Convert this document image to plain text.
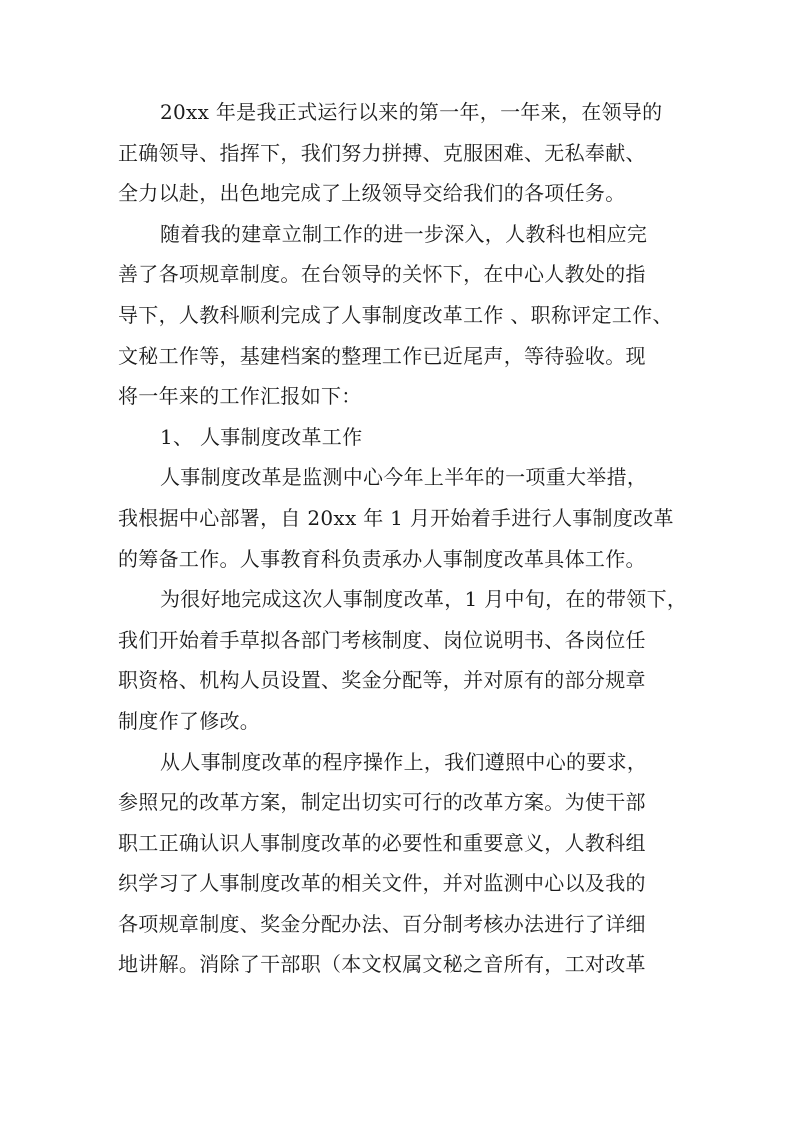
20xx 年是我正式运行以来的第一年，一年来，在领导的
正确领导、指挥下，我们努力拼搏、克服困难、无私奉献、
全力以赴，出色地完成了上级领导交给我们的各项任务。
随着我的建章立制工作的进一步深入，人教科也相应完
善了各项规章制度。在台领导的关怀下，在中心人教处的指
导下，人教科顺利完成了人事制度改革工作 、职称评定工作、
文秘工作等，基建档案的整理工作已近尾声，等待验收。现
将一年来的工作汇报如下：
1、 人事制度改革工作
人事制度改革是监测中心今年上半年的一项重大举措，
我根据中心部署，自 20xx 年 1 月开始着手进行人事制度改革
的筹备工作。人事教育科负责承办人事制度改革具体工作。
为很好地完成这次人事制度改革，1 月中旬，在的带领下，
我们开始着手草拟各部门考核制度、岗位说明书、各岗位任
职资格、机构人员设置、奖金分配等，并对原有的部分规章
制度作了修改。
从人事制度改革的程序操作上，我们遵照中心的要求，
参照兄的改革方案，制定出切实可行的改革方案。为使干部
职工正确认识人事制度改革的必要性和重要意义，人教科组
织学习了人事制度改革的相关文件，并对监测中心以及我的
各项规章制度、奖金分配办法、百分制考核办法进行了详细
地讲解。消除了干部职（本文权属文秘之音所有，工对改革
